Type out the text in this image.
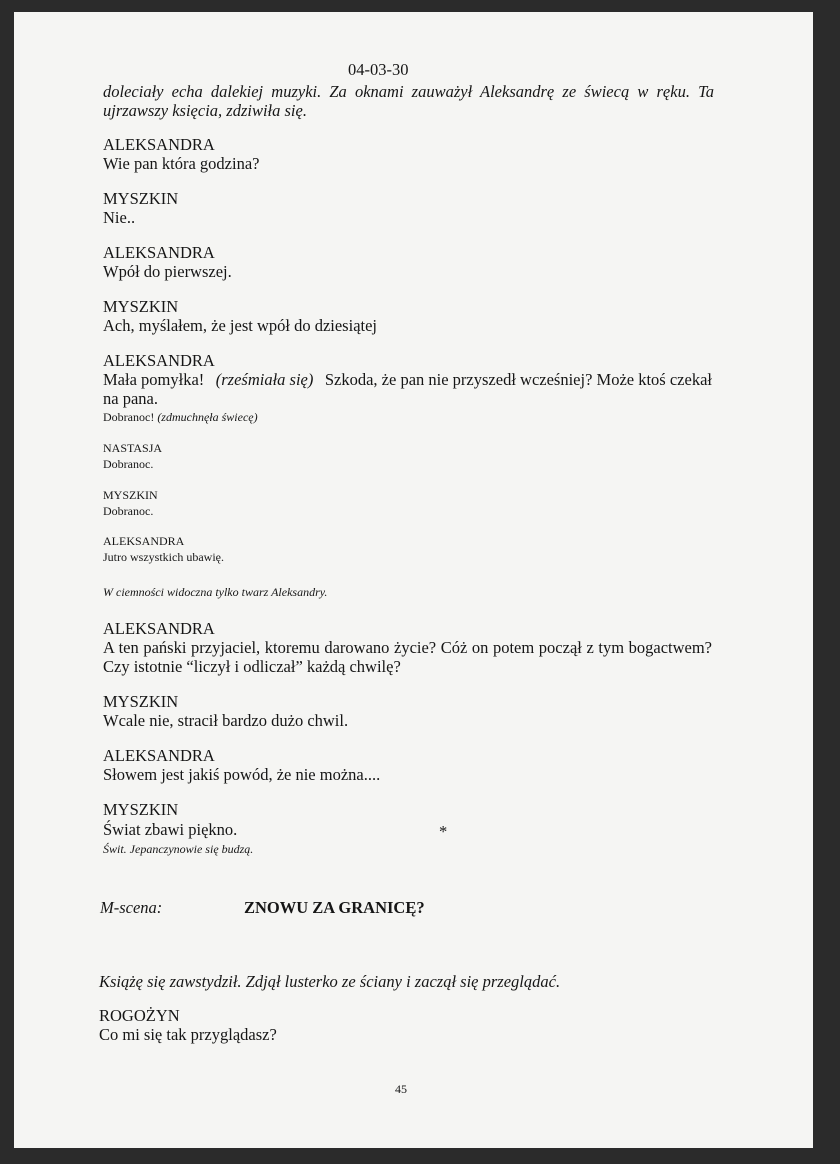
04-03-30
doleciały echa dalekiej muzyki. Za oknami zauważył Aleksandrę ze świecą w ręku. Ta
ujrzawszy księcia, zdziwiła się.
ALEKSANDRA
Wie pan która godzina?
MYSZKIN
Nie..
ALEKSANDRA
Wpół do pierwszej.
MYSZKIN
Ach, myślałem, że jest wpół do dziesiątej
ALEKSANDRA
Mała pomyłka! (rześmiała się) Szkoda, że pan nie przyszedł wcześniej? Może ktoś czekał
na pana.
Dobranoc! (zdmuchnęła świecę)
NASTASJA
Dobranoc.
MYSZKIN
Dobranoc.
ALEKSANDRA
Jutro wszystkich ubawię.
W ciemności widoczna tylko twarz Aleksandry.
ALEKSANDRA
A ten pański przyjaciel, ktoremu darowano życie? Cóż on potem począł z tym bogactwem?
Czy istotnie “liczył i odliczał” każdą chwilę?
MYSZKIN
Wcale nie, stracił bardzo dużo chwil.
ALEKSANDRA
Słowem jest jakiś powód, że nie można....
MYSZKIN
Świat zbawi piękno.	*
Świt. Jepanczynowie się budzą.
M-scena:	ZNOWU ZA GRANICĘ?
Książę się zawstydził. Zdjął lusterko ze ściany i zaczął się przeglądać.
ROGOŻYN
Co mi się tak przyglądasz?
45
